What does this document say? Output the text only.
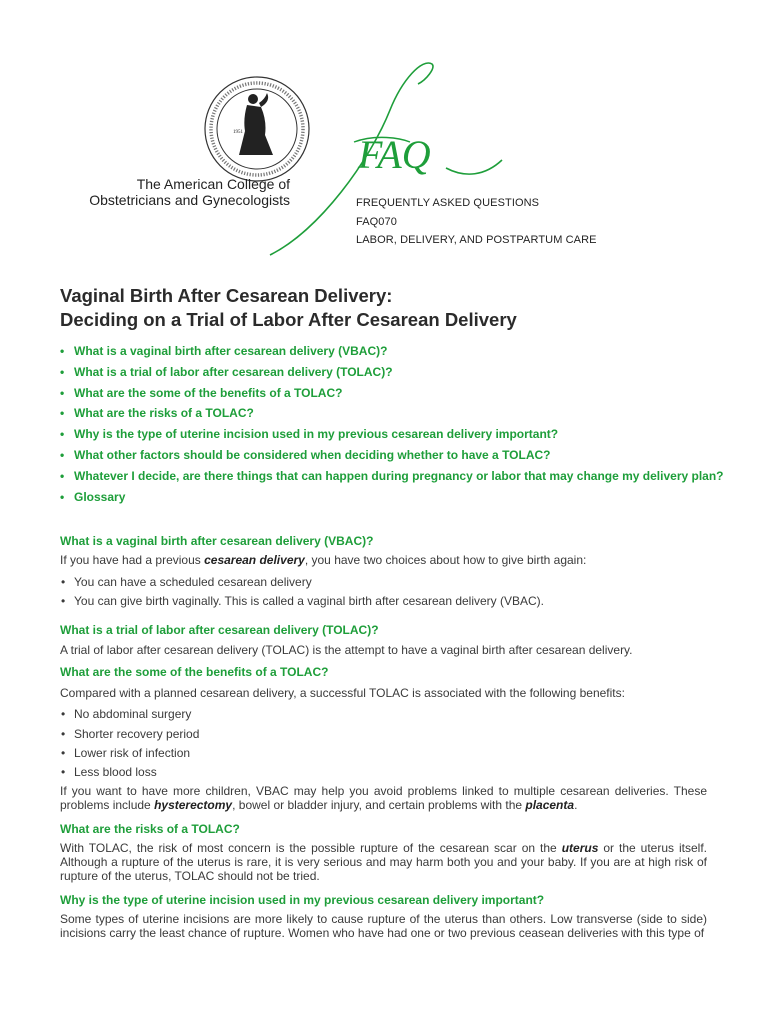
1951	FAQ
The American College of
Obstetricians and Gynecologists	FREQUENTLY ASKED QUESTIONS
FAQ070
LABOR, DELIVERY, AND POSTPARTUM CARE
Vaginal Birth After Cesarean Delivery:
Deciding on a Trial of Labor After Cesarean Delivery
• What is a vaginal birth after cesarean delivery (VBAC)?
• What is a trial of labor after cesarean delivery (TOLAC)?
• What are the some of the benefits of a TOLAC?
• What are the risks of a TOLAC?
• Why is the type of uterine incision used in my previous cesarean delivery important?
• What other factors should be considered when deciding whether to have a TOLAC?
• Whatever I decide, are there things that can happen during pregnancy or labor that may change my delivery plan?
• Glossary
What is a vaginal birth after cesarean delivery (VBAC)?
If you have had a previous cesarean delivery, you have two choices about how to give birth again:
• You can have a scheduled cesarean delivery
• You can give birth vaginally. This is called a vaginal birth after cesarean delivery (VBAC).
What is a trial of labor after cesarean delivery (TOLAC)?
A trial of labor after cesarean delivery (TOLAC) is the attempt to have a vaginal birth after cesarean delivery.
What are the some of the benefits of a TOLAC?
Compared with a planned cesarean delivery, a successful TOLAC is associated with the following benefits:
• No abdominal surgery
• Shorter recovery period
• Lower risk of infection
• Less blood loss
If you want to have more children, VBAC may help you avoid problems linked to multiple cesarean deliveries. These problems include hysterectomy, bowel or bladder injury, and certain problems with the placenta.
What are the risks of a TOLAC?
With TOLAC, the risk of most concern is the possible rupture of the cesarean scar on the uterus or the uterus itself. Although a rupture of the uterus is rare, it is very serious and may harm both you and your baby. If you are at high risk of rupture of the uterus, TOLAC should not be tried.
Why is the type of uterine incision used in my previous cesarean delivery important?
Some types of uterine incisions are more likely to cause rupture of the uterus than others. Low transverse (side to side) incisions carry the least chance of rupture. Women who have had one or two previous ceasean deliveries with this type of
